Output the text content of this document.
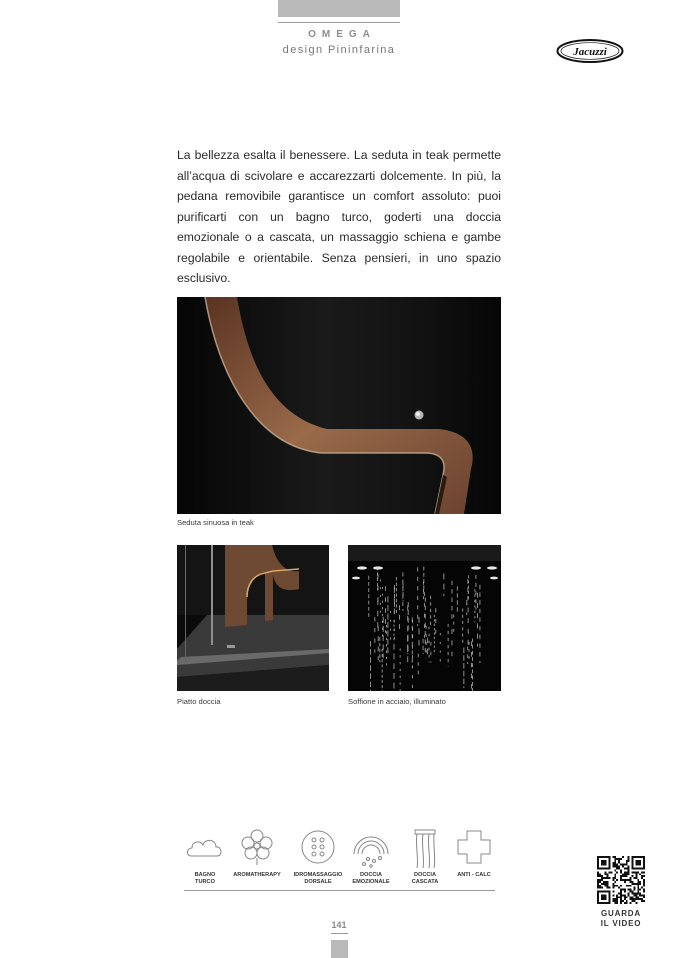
OMEGA
design Pininfarina	Jacuzzi
La bellezza esalta il benessere. La seduta in teak permette all’acqua di scivolare e accarezzarti dolcemente. In più, la pedana removibile garantisce un comfort assoluto: puoi purificarti con un bagno turco, goderti una doccia emozionale o a cascata, un massaggio schiena e gambe regolabile e orientabile. Senza pensieri, in uno spazio esclusivo.
Seduta sinuosa in teak
Piatto doccia	Soffione in acciaio, illuminato
BAGNO
TURCO
AROMATHERAPY	IDROMASSAGGIO
DORSALE
DOCCIA
EMOZIONALE
DOCCIA
CASCATA
ANTI - CALC
GUARDA
IL VIDEO
141
